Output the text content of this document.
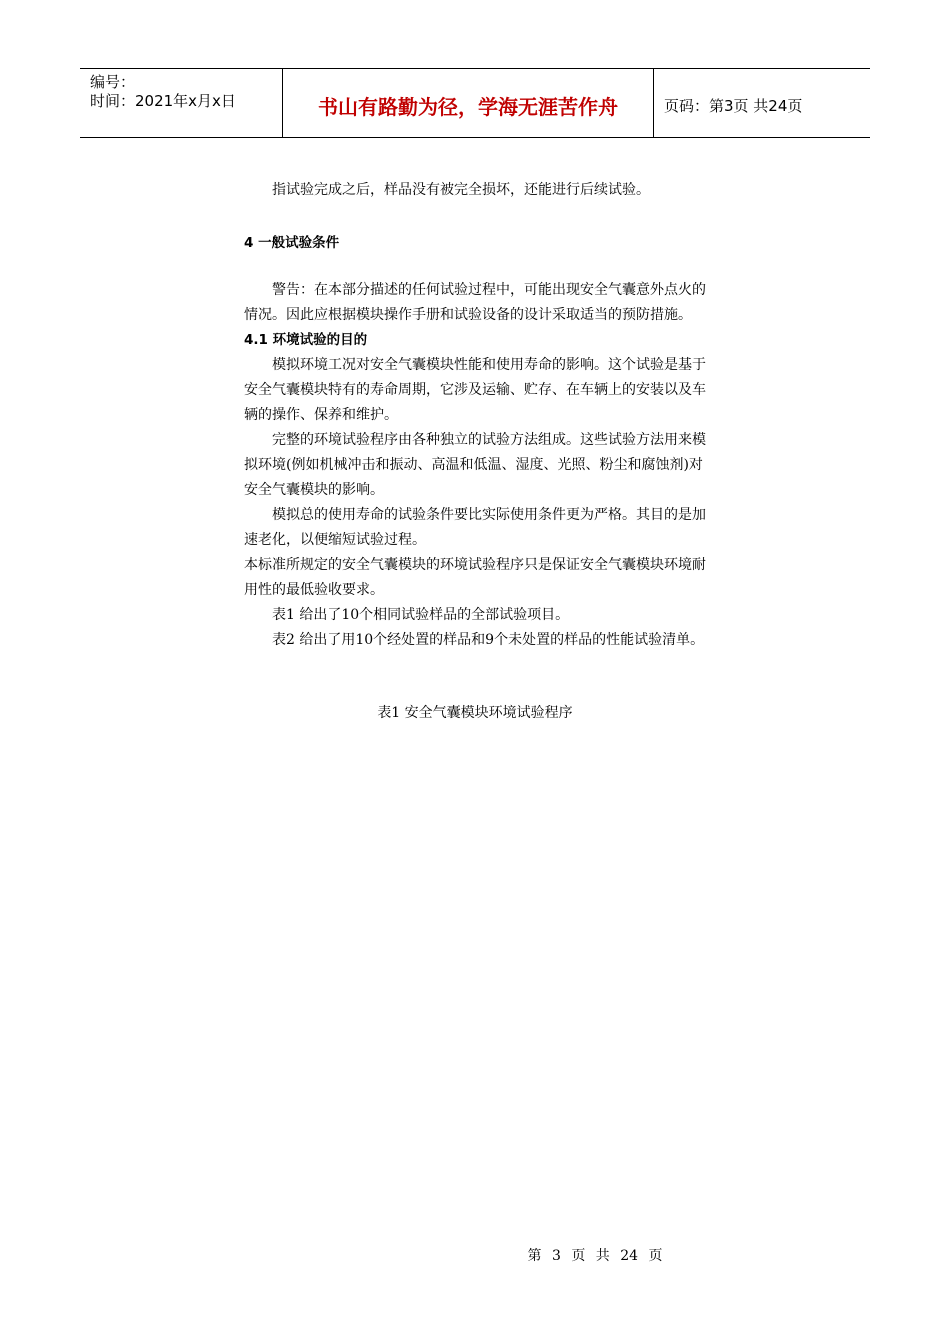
编号：
时间：2021年x月x日	书山有路勤为径，学海无涯苦作舟	页码：第3页 共24页

指试验完成之后，样品没有被完全损坏，还能进行后续试验。

4 一般试验条件

警告：在本部分描述的任何试验过程中，可能出现安全气囊意外点火的情况。因此应根据模块操作手册和试验设备的设计采取适当的预防措施。

4.1 环境试验的目的

模拟环境工况对安全气囊模块性能和使用寿命的影响。这个试验是基于安全气囊模块特有的寿命周期，它涉及运输、贮存、在车辆上的安装以及车辆的操作、保养和维护。

完整的环境试验程序由各种独立的试验方法组成。这些试验方法用来模拟环境(例如机械冲击和振动、高温和低温、湿度、光照、粉尘和腐蚀剂)对安全气囊模块的影响。

模拟总的使用寿命的试验条件要比实际使用条件更为严格。其目的是加速老化，以便缩短试验过程。

本标准所规定的安全气囊模块的环境试验程序只是保证安全气囊模块环境耐用性的最低验收要求。

表1 给出了10个相同试验样品的全部试验项目。

表2 给出了用10个经处置的样品和9个未处置的样品的性能试验清单。

表1 安全气囊模块环境试验程序

第 3 页 共 24 页
